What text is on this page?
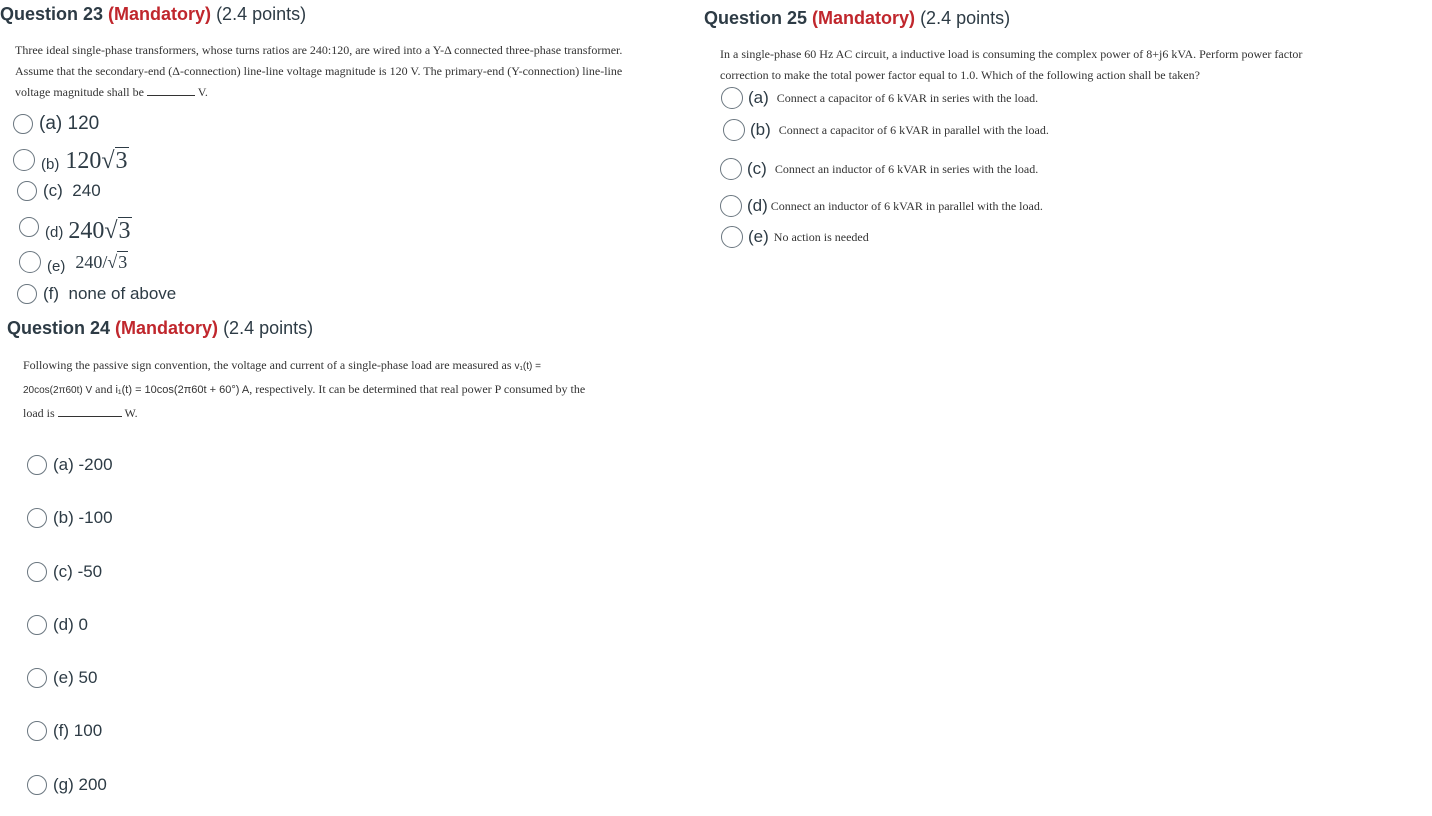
Question 23 (Mandatory) (2.4 points)
Three ideal single-phase transformers, whose turns ratios are 240:120, are wired into a Y-Δ connected three-phase transformer.
Assume that the secondary-end (Δ-connection) line-line voltage magnitude is 120 V. The primary-end (Y-connection) line-line
voltage magnitude shall be	V.
(a) 120
(b) 120√3
(c) 240
(d) 240√3
(e) 240/√3
(f) none of above
Question 24 (Mandatory) (2.4 points)
Following the passive sign convention, the voltage and current of a single-phase load are measured as v₁(t) =
20cos(2π60t) V and i₁(t) = 10cos(2π60t + 60°) A, respectively. It can be determined that real power P consumed by the
load is	W.
(a) -200
(b) -100
(c) -50
(d) 0
(e) 50
(f) 100
(g) 200
Question 25 (Mandatory) (2.4 points)
In a single-phase 60 Hz AC circuit, a inductive load is consuming the complex power of 8+j6 kVA. Perform power factor
correction to make the total power factor equal to 1.0. Which of the following action shall be taken?
(a) Connect a capacitor of 6 kVAR in series with the load.
(b) Connect a capacitor of 6 kVAR in parallel with the load.
(c) Connect an inductor of 6 kVAR in series with the load.
(d) Connect an inductor of 6 kVAR in parallel with the load.
(e) No action is needed
